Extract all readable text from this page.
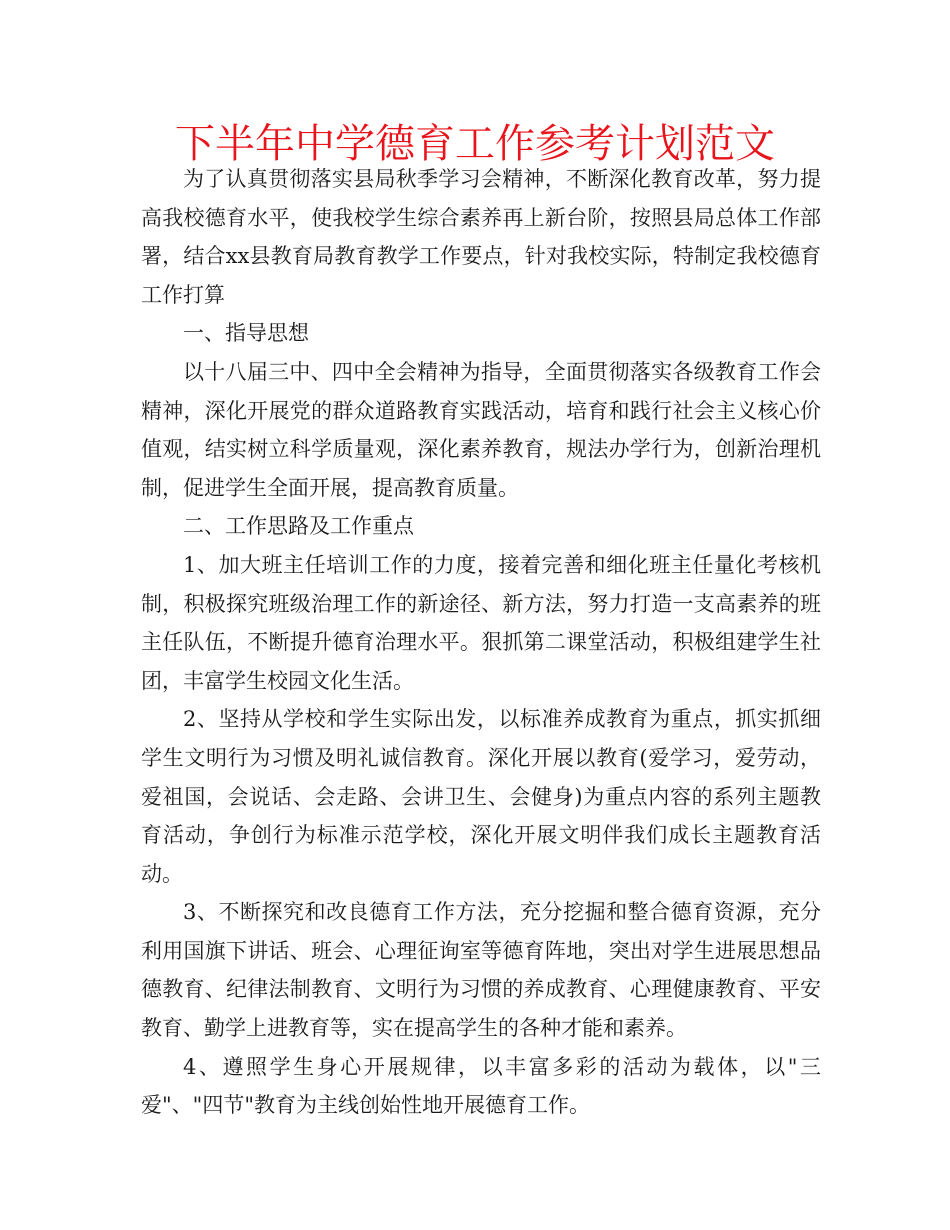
下半年中学德育工作参考计划范文

为了认真贯彻落实县局秋季学习会精神，不断深化教育改革，努力提高我校德育水平，使我校学生综合素养再上新台阶，按照县局总体工作部署，结合xx县教育局教育教学工作要点，针对我校实际，特制定我校德育工作打算

一、指导思想

以十八届三中、四中全会精神为指导，全面贯彻落实各级教育工作会精神，深化开展党的群众道路教育实践活动，培育和践行社会主义核心价值观，结实树立科学质量观，深化素养教育，规法办学行为，创新治理机制，促进学生全面开展，提高教育质量。

二、工作思路及工作重点

1、加大班主任培训工作的力度，接着完善和细化班主任量化考核机制，积极探究班级治理工作的新途径、新方法，努力打造一支高素养的班主任队伍，不断提升德育治理水平。狠抓第二课堂活动，积极组建学生社团，丰富学生校园文化生活。

2、坚持从学校和学生实际出发，以标准养成教育为重点，抓实抓细学生文明行为习惯及明礼诚信教育。深化开展以教育(爱学习，爱劳动，爱祖国，会说话、会走路、会讲卫生、会健身)为重点内容的系列主题教育活动，争创行为标准示范学校，深化开展文明伴我们成长主题教育活动。

3、不断探究和改良德育工作方法，充分挖掘和整合德育资源，充分利用国旗下讲话、班会、心理征询室等德育阵地，突出对学生进展思想品德教育、纪律法制教育、文明行为习惯的养成教育、心理健康教育、平安教育、勤学上进教育等，实在提高学生的各种才能和素养。

4、遵照学生身心开展规律，以丰富多彩的活动为载体，以"三爱"、"四节"教育为主线创始性地开展德育工作。
